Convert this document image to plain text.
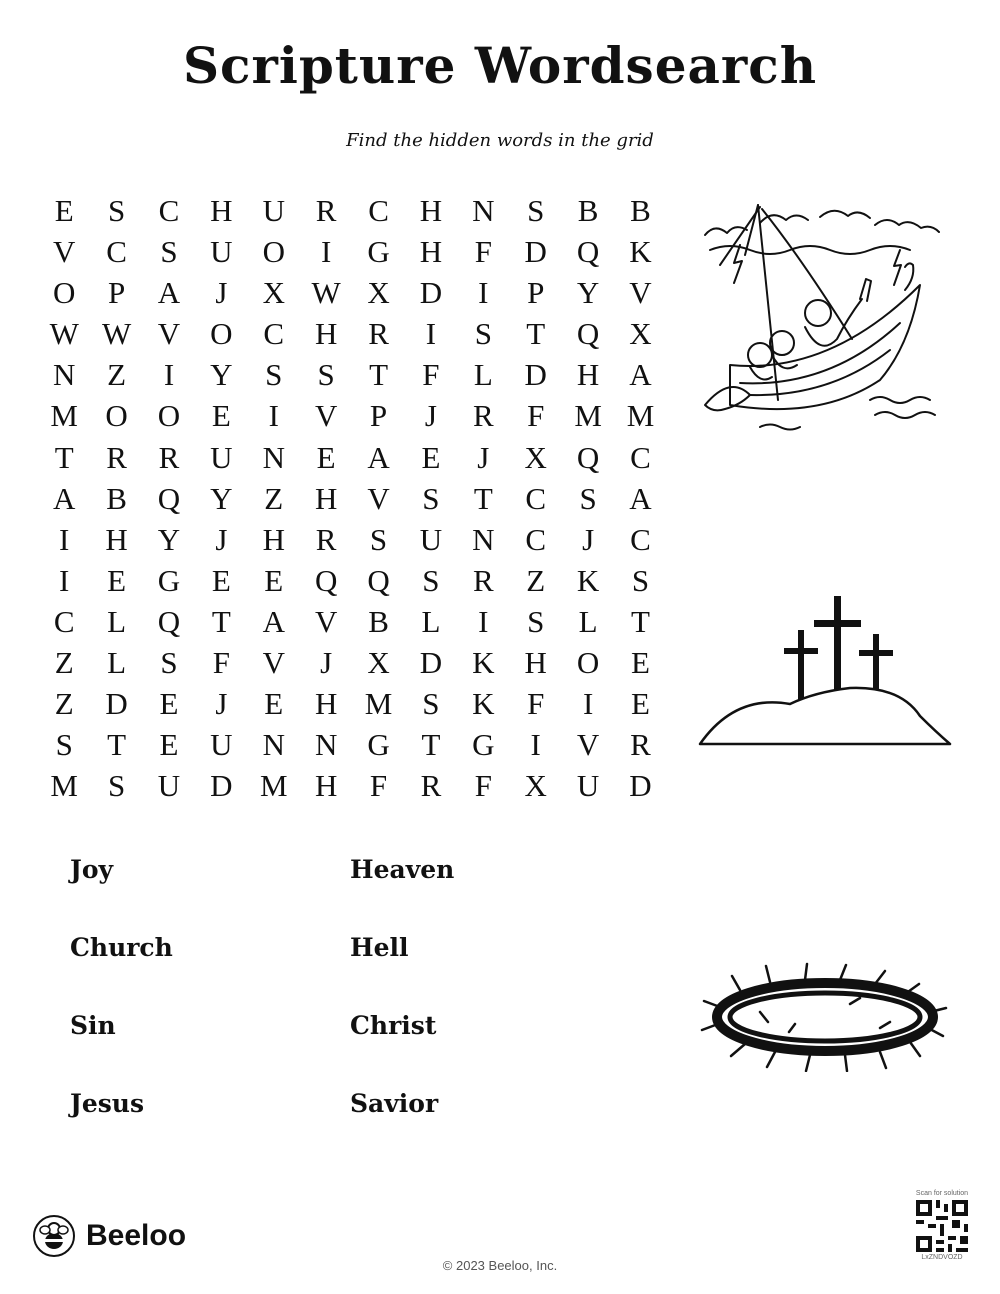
Scripture Wordsearch
Find the hidden words in the grid
E	S	C H U R	C H N	S	B	B
V C	S	U O	I	G H	F	D Q K
O	P	A	J	X W X D	I	P	Y V
W W V O C H R	I	S	T	Q X
N	Z	I	Y	S	S	T	F	L	D H A
M O O	E	I	V	P	J	R	F M M
T	R	R U N	E	A	E	J	X Q C
A B Q Y	Z	H V	S	T	C	S	A
I	H Y	J	H R	S	U N C	J	C
I	E	G	E	E	Q Q	S	R	Z	K	S
C	L	Q	T	A V B	L	I	S	L	T
Z	L	S	F	V	J	X D K H O	E
Z	D	E	J	E	H M S	K	F	I	E
S	T	E	U N N G	T	G	I	V R
M S	U D M H	F	R	F	X U D
Joy	Heaven
Church	Hell
Sin	Christ
Jesus	Savior
Beeloo
© 2023 Beeloo, Inc.
Scan for solution
LxZNDVOZD
